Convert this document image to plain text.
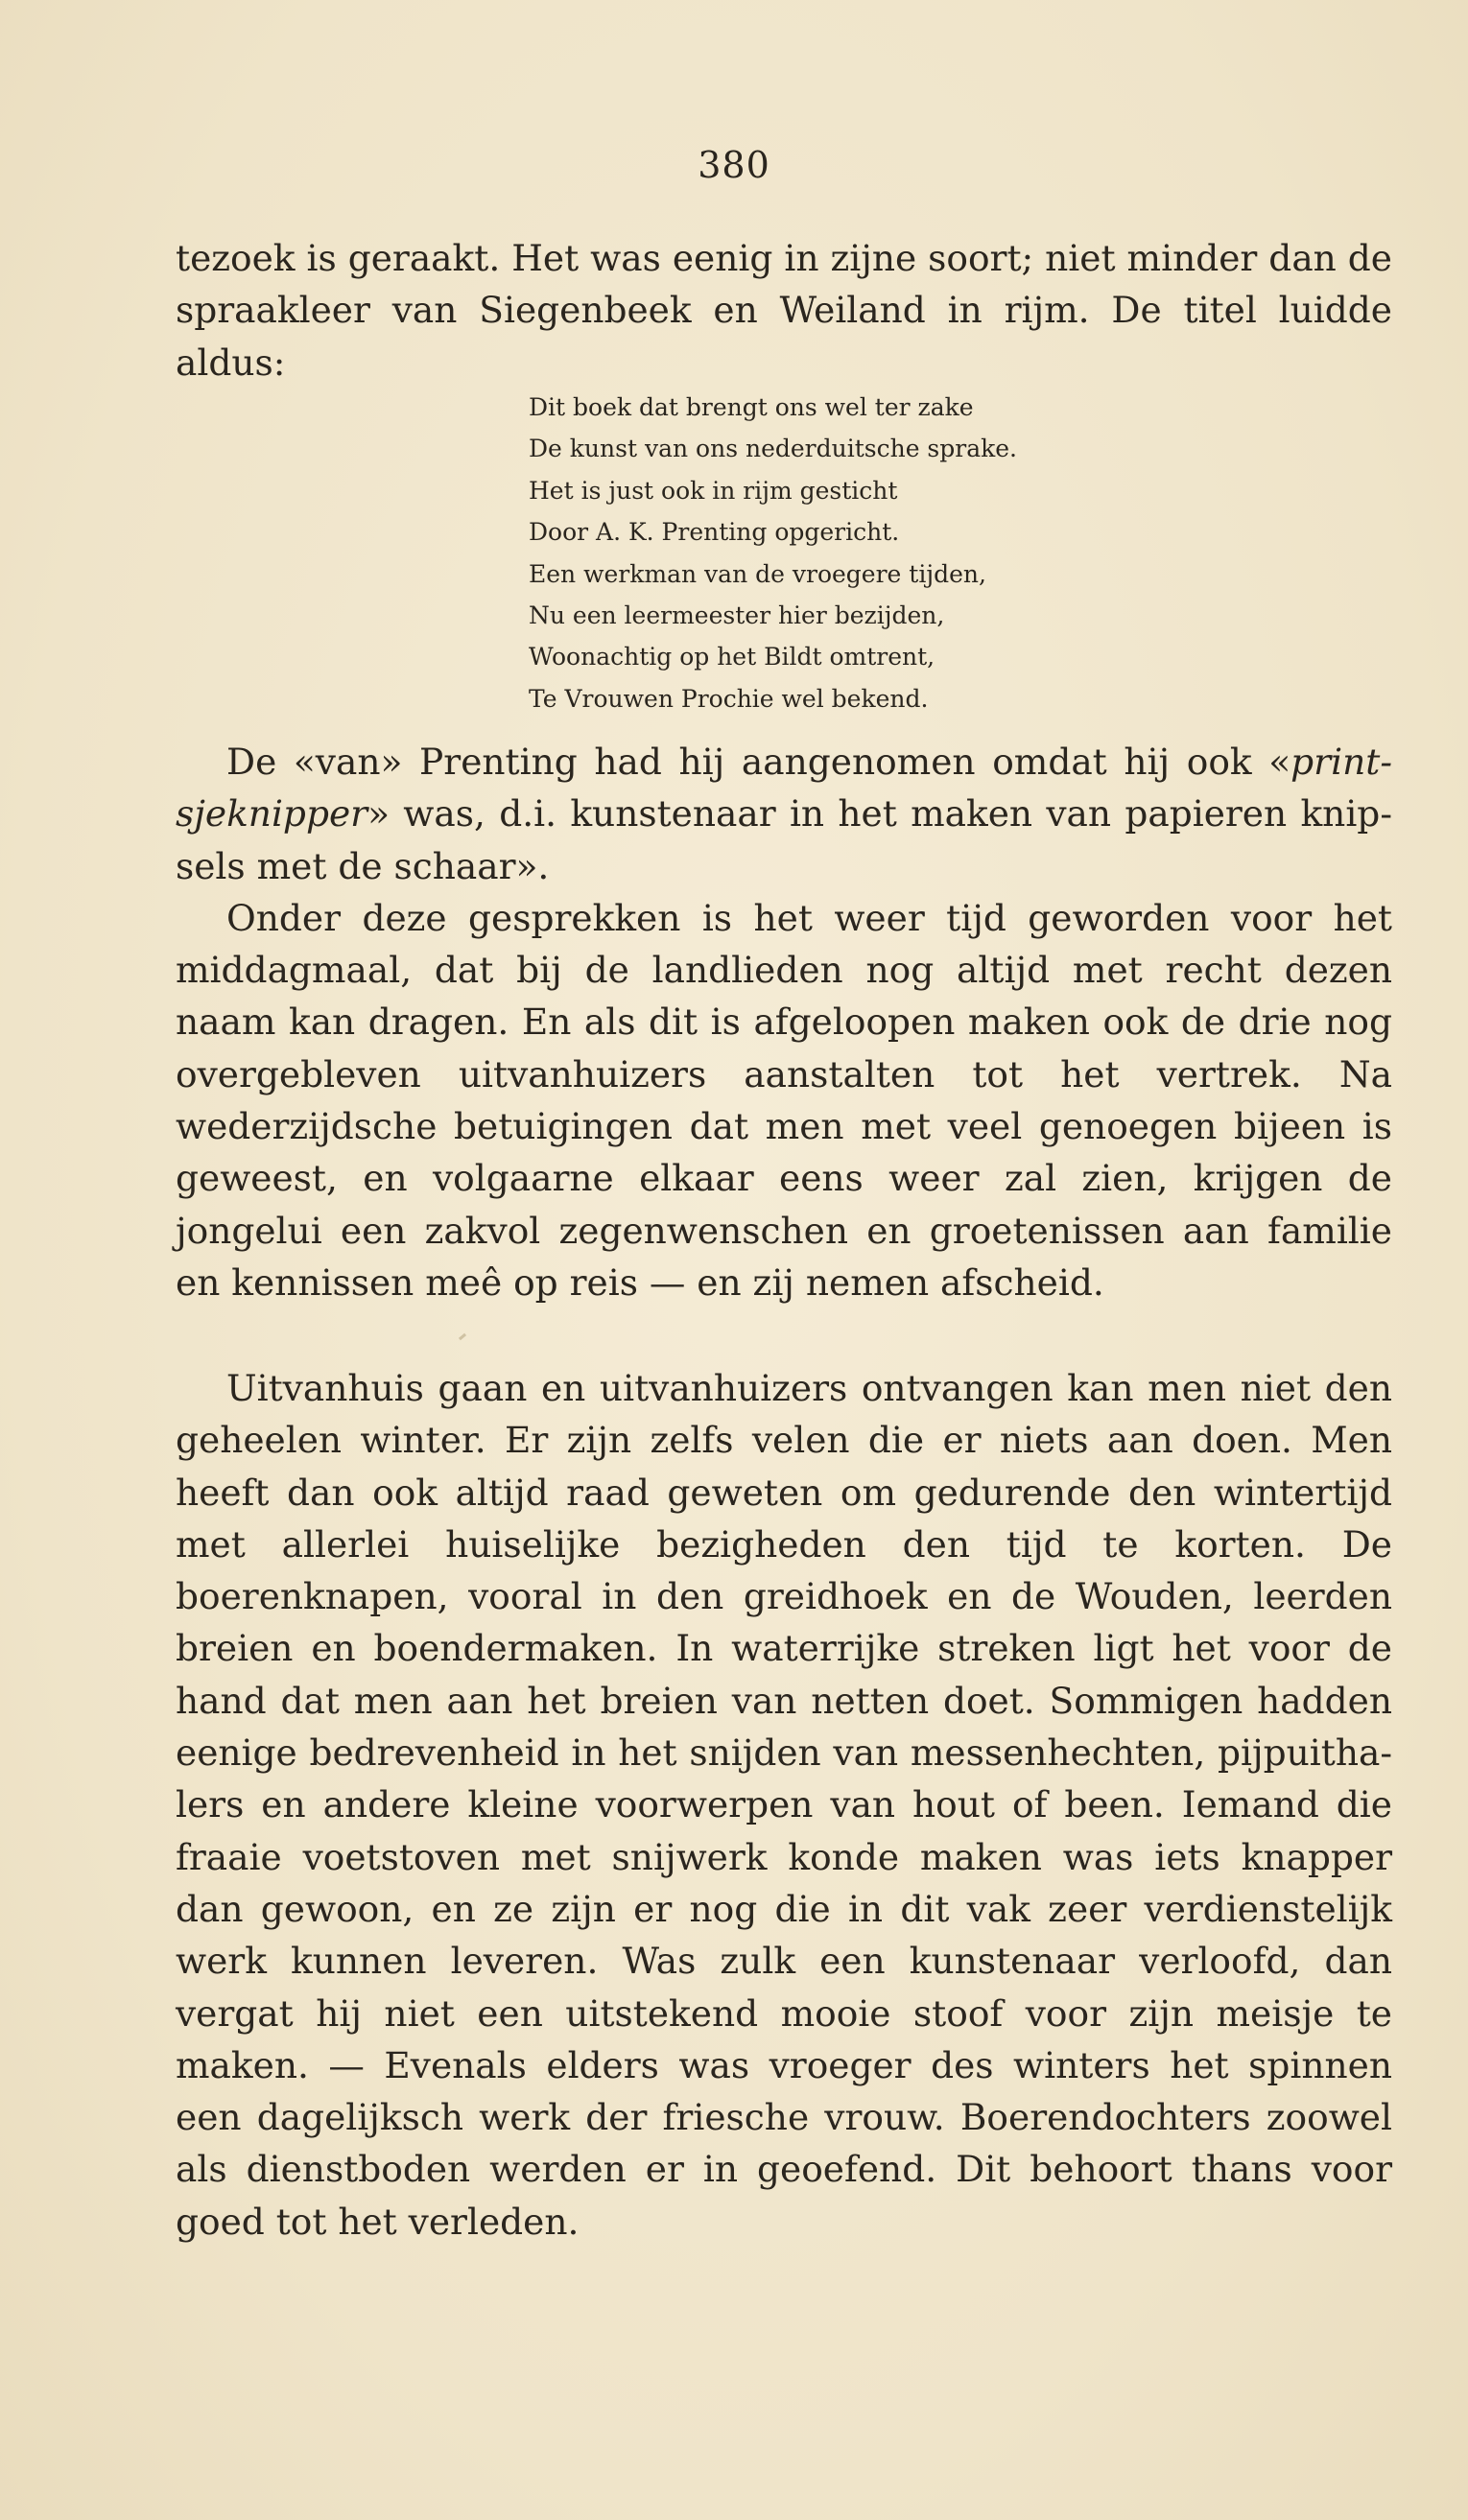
380

tezoek is geraakt. Het was eenig in zijne soort; niet minder dan de spraakleer van Siegenbeek en Weiland in rijm. De titel luidde aldus:

Dit boek dat brengt ons wel ter zake
De kunst van ons nederduitsche sprake.
Het is just ook in rijm gesticht
Door A. K. Prenting opgericht.
Een werkman van de vroegere tijden,
Nu een leermeester hier bezijden,
Woonachtig op het Bildt omtrent,
Te Vrouwen Prochie wel bekend.

De «van» Prenting had hij aangenomen omdat hij ook «printsjeknipper» was, d.i. kunstenaar in het maken van papieren knipsels met de schaar».

Onder deze gesprekken is het weer tijd geworden voor het middagmaal, dat bij de landlieden nog altijd met recht dezen naam kan dragen. En als dit is afgeloopen maken ook de drie nog overgebleven uitvanhuizers aanstalten tot het vertrek. Na wederzijdsche betuigingen dat men met veel genoegen bijeen is geweest, en volgaarne elkaar eens weer zal zien, krijgen de jongelui een zakvol zegenwenschen en groetenissen aan familie en kennissen meê op reis — en zij nemen afscheid.

Uitvanhuis gaan en uitvanhuizers ontvangen kan men niet den geheelen winter. Er zijn zelfs velen die er niets aan doen. Men heeft dan ook altijd raad geweten om gedurende den wintertijd met allerlei huiselijke bezigheden den tijd te korten. De boerenknapen, vooral in den greidhoek en de Wouden, leerden breien en boendermaken. In waterrijke streken ligt het voor de hand dat men aan het breien van netten doet. Sommigen hadden eenige bedrevenheid in het snijden van messenhechten, pijpuithalers en andere kleine voorwerpen van hout of been. Iemand die fraaie voetstoven met snijwerk konde maken was iets knapper dan gewoon, en ze zijn er nog die in dit vak zeer verdienstelijk werk kunnen leveren. Was zulk een kunstenaar verloofd, dan vergat hij niet een uitstekend mooie stoof voor zijn meisje te maken. — Evenals elders was vroeger des winters het spinnen een dagelijksch werk der friesche vrouw. Boerendochters zoowel als dienstboden werden er in geoefend. Dit behoort thans voor goed tot het verleden.
